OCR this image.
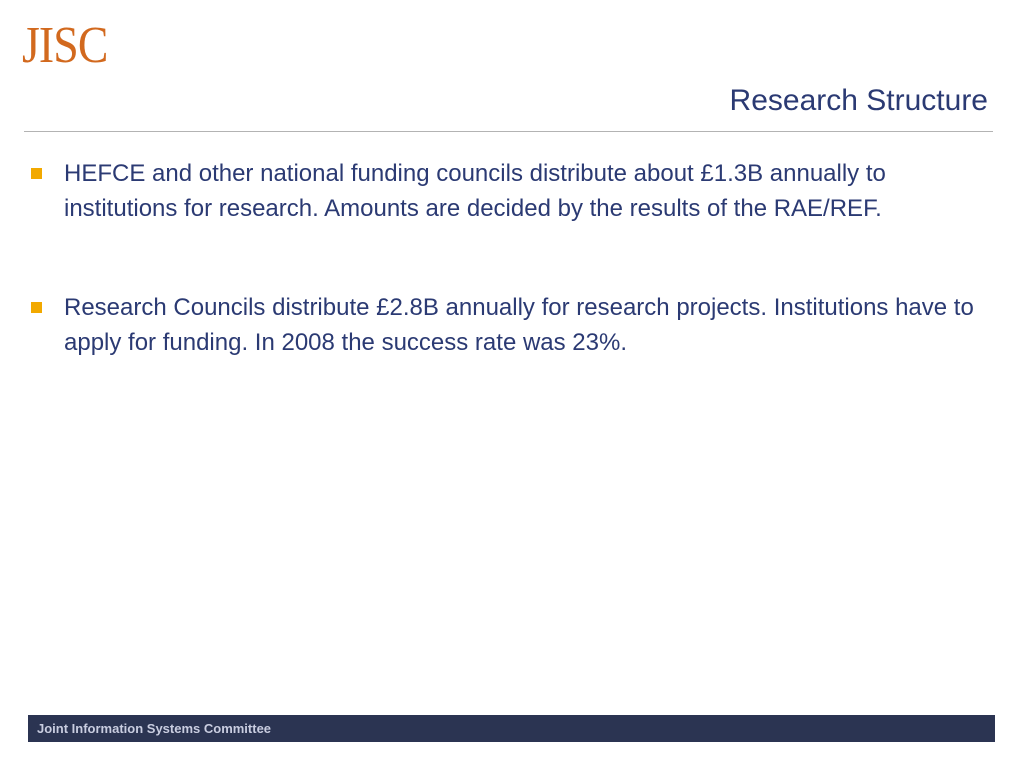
JISC
Research Structure
HEFCE and other national funding councils distribute about £1.3B annually to institutions for research. Amounts are decided by the results of the RAE/REF.
Research Councils distribute £2.8B annually for research projects. Institutions have to apply for funding. In 2008 the success rate was 23%.
Joint Information Systems Committee
